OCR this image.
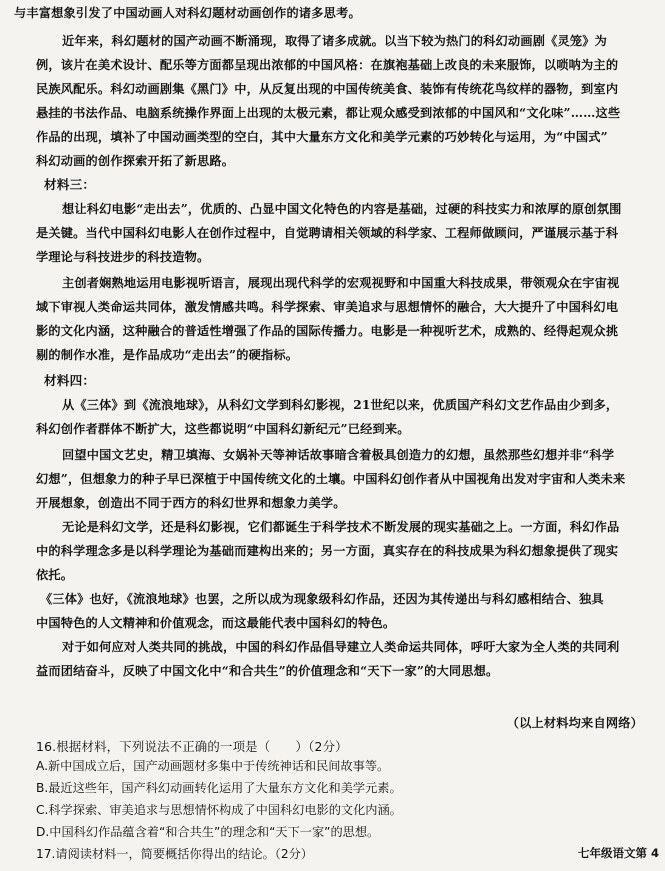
与丰富想象引发了中国动画人对科幻题材动画创作的诸多思考。
近年来，科幻题材的国产动画不断涌现，取得了诸多成就。以当下较为热门的科幻动画剧《灵笼》为
例，该片在美术设计、配乐等方面都呈现出浓郁的中国风格：在旗袍基础上改良的未来服饰，以唢呐为主的
民族风配乐。科幻动画剧集《黑门》中，从反复出现的中国传统美食、装饰有传统花鸟纹样的器物，到室内
悬挂的书法作品、电脑系统操作界面上出现的太极元素，都让观众感受到浓郁的中国风和“文化味”……这些
作品的出现，填补了中国动画类型的空白，其中大量东方文化和美学元素的巧妙转化与运用，为“中国式”
科幻动画的创作探索开拓了新思路。
材料三：
想让科幻电影“走出去”，优质的、凸显中国文化特色的内容是基础，过硬的科技实力和浓厚的原创氛围
是关键。当代中国科幻电影人在创作过程中，自觉聘请相关领域的科学家、工程师做顾问，严谨展示基于科
学理论与科技进步的科技造物。
主创者娴熟地运用电影视听语言，展现出现代科学的宏观视野和中国重大科技成果，带领观众在宇宙视
域下审视人类命运共同体，激发情感共鸣。科学探索、审美追求与思想情怀的融合，大大提升了中国科幻电
影的文化内涵，这种融合的普适性增强了作品的国际传播力。电影是一种视听艺术，成熟的、经得起观众挑
剔的制作水准，是作品成功“走出去”的硬指标。
材料四：
从《三体》到《流浪地球》，从科幻文学到科幻影视，21世纪以来，优质国产科幻文艺作品由少到多，
科幻创作者群体不断扩大，这些都说明“中国科幻新纪元”已经到来。
回望中国文艺史，精卫填海、女娲补天等神话故事暗含着极具创造力的幻想，虽然那些幻想并非“科学
幻想”，但想象力的种子早已深植于中国传统文化的土壤。中国科幻创作者从中国视角出发对宇宙和人类未来
开展想象，创造出不同于西方的科幻世界和想象力美学。
无论是科幻文学，还是科幻影视，它们都诞生于科学技术不断发展的现实基础之上。一方面，科幻作品
中的科学理念多是以科学理论为基础而建构出来的；另一方面，真实存在的科技成果为科幻想象提供了现实
依托。
《三体》也好，《流浪地球》也罢，之所以成为现象级科幻作品，还因为其传递出与科幻感相结合、独具
中国特色的人文精神和价值观念，而这最能代表中国科幻的特色。
对于如何应对人类共同的挑战，中国的科幻作品倡导建立人类命运共同体，呼吁大家为全人类的共同利
益而团结奋斗，反映了中国文化中“和合共生”的价值理念和“天下一家”的大同思想。
（以上材料均来自网络）
16.根据材料，下列说法不正确的一项是（　　）（2分）
A.新中国成立后，国产动画题材多集中于传统神话和民间故事等。
B.最近这些年，国产科幻动画转化运用了大量东方文化和美学元素。
C.科学探索、审美追求与思想情怀构成了中国科幻电影的文化内涵。
D.中国科幻作品蕴含着“和合共生”的理念和“天下一家”的思想。
七年级语文第 4
17.请阅读材料一，简要概括你得出的结论。（2分）
